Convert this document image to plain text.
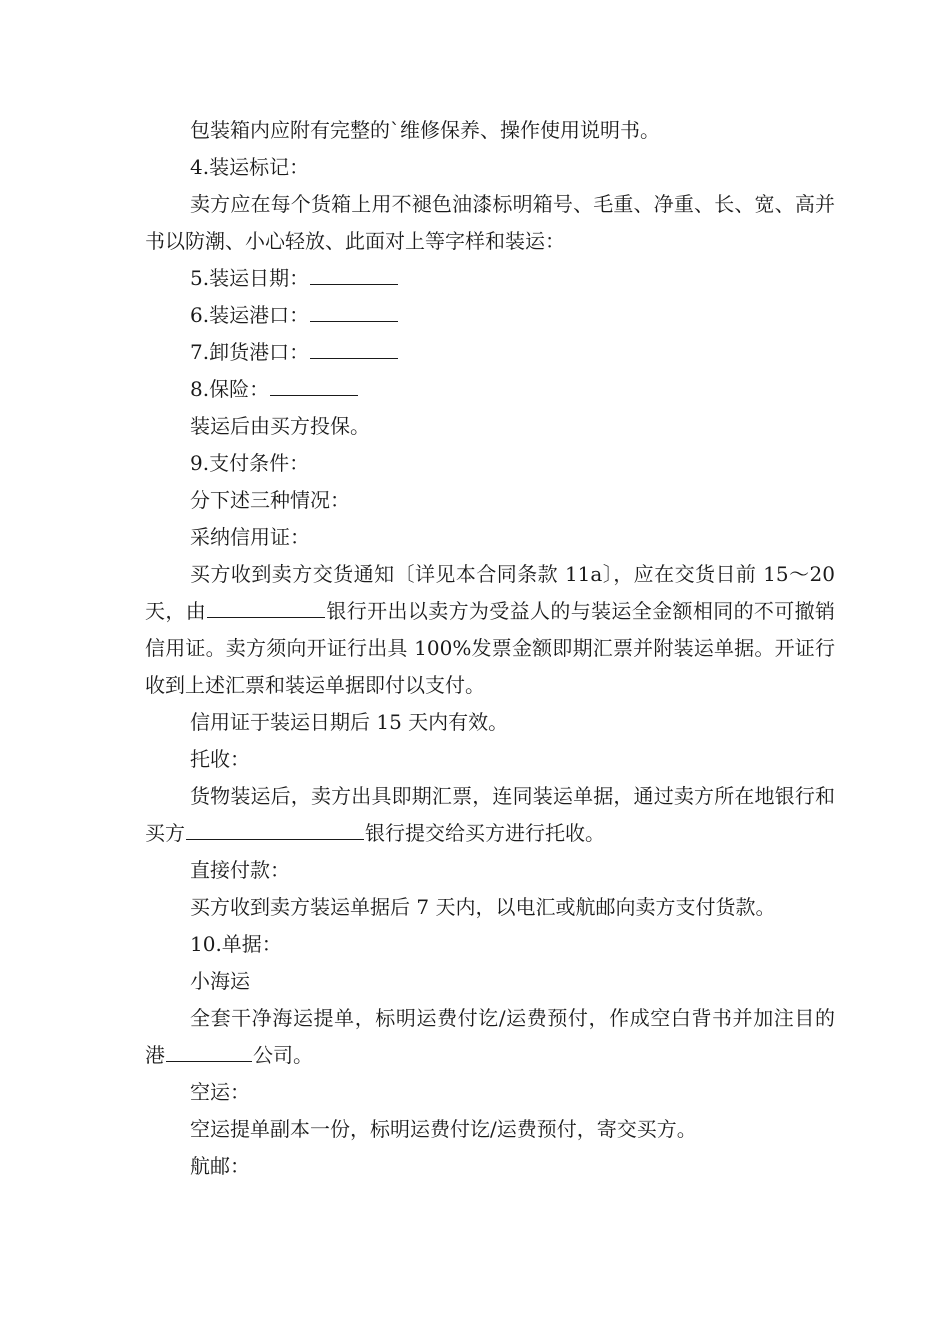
包装箱内应附有完整的`维修保养、操作使用说明书。

4.装运标记：

卖方应在每个货箱上用不褪色油漆标明箱号、毛重、净重、长、宽、高并书以防潮、小心轻放、此面对上等字样和装运：

5.装运日期：

6.装运港口：

7.卸货港口：

8.保险：

装运后由买方投保。

9.支付条件：

分下述三种情况：

采纳信用证：

买方收到卖方交货通知〔详见本合同条款 11a〕，应在交货日前 15～20 天，由	银行开出以卖方为受益人的与装运全金额相同的不可撤销信用证。卖方须向开证行出具 100%发票金额即期汇票并附装运单据。开证行收到上述汇票和装运单据即付以支付。

信用证于装运日期后 15 天内有效。

托收：

货物装运后，卖方出具即期汇票，连同装运单据，通过卖方所在地银行和买方	银行提交给买方进行托收。

直接付款：

买方收到卖方装运单据后 7 天内，以电汇或航邮向卖方支付货款。

10.单据：

小海运

全套干净海运提单，标明运费付讫/运费预付，作成空白背书并加注目的港	公司。

空运：

空运提单副本一份，标明运费付讫/运费预付，寄交买方。

航邮：
